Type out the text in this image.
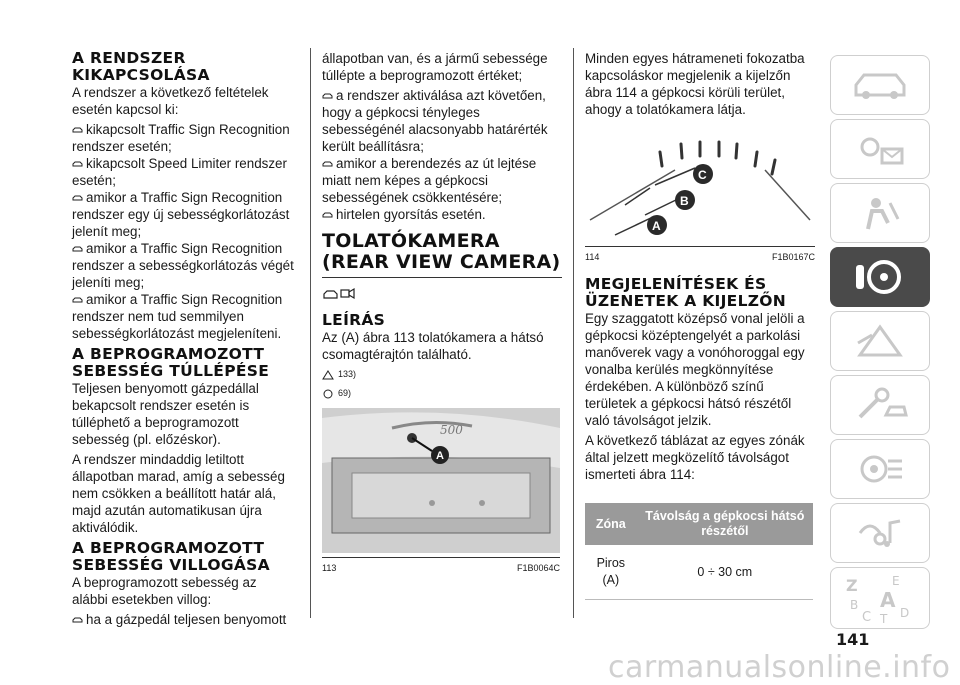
A RENDSZER KIKAPCSOLÁSA

A rendszer a következő feltételek esetén kapcsol ki:

kikapcsolt Traffic Sign Recognition rendszer esetén;
kikapcsolt Speed Limiter rendszer esetén;
amikor a Traffic Sign Recognition rendszer egy új sebességkorlátozást jelenít meg;
amikor a Traffic Sign Recognition rendszer a sebességkorlátozás végét jeleníti meg;
amikor a Traffic Sign Recognition rendszer nem tud semmilyen sebességkorlátozást megjeleníteni.
A BEPROGRAMOZOTT SEBESSÉG TÚLLÉPÉSE

Teljesen benyomott gázpedállal bekapcsolt rendszer esetén is túlléphető a beprogramozott sebesség (pl. előzéskor).

A rendszer mindaddig letiltott állapotban marad, amíg a sebesség nem csökken a beállított határ alá, majd azután automatikusan újra aktiválódik.

A BEPROGRAMOZOTT SEBESSÉG VILLOGÁSA

A beprogramozott sebesség az alábbi esetekben villog:

ha a gázpedál teljesen benyomott

állapotban van, és a jármű sebessége túllépte a beprogramozott értéket;

a rendszer aktiválása azt követően, hogy a gépkocsi tényleges sebességénél alacsonyabb határérték került beállításra;
amikor a berendezés az út lejtése miatt nem képes a gépkocsi sebességének csökkentésére;
hirtelen gyorsítás esetén.
TOLATÓKAMERA (REAR VIEW CAMERA)
LEÍRÁS

Az (A) ábra 113 tolatókamera a hátsó csomagtérajtón található.

133)
69)
500
A
113	F1B0064C

Minden egyes hátrameneti fokozatba kapcsoláskor megjelenik a kijelzőn ábra 114 a gépkocsi körüli terület, ahogy a tolatókamera látja.

A
B
C
114	F1B0167C
MEGJELENÍTÉSEK ÉS ÜZENETEK A KIJELZŐN

Egy szaggatott középső vonal jelöli a gépkocsi középtengelyét a parkolási manőverek vagy a vonóhoroggal egy vonalba kerülés megkönnyítése érdekében. A különböző színű területek a gépkocsi hátsó részétől való távolságot jelzik.

A következő táblázat az egyes zónák által jelzett megközelítő távolságot ismerteti ábra 114:

Zóna	Távolság a gépkocsi hátsó részétől
Piros (A)	0 ÷ 30 cm
Z	E
B
C
A
T D
141
carmanualsonline.info
